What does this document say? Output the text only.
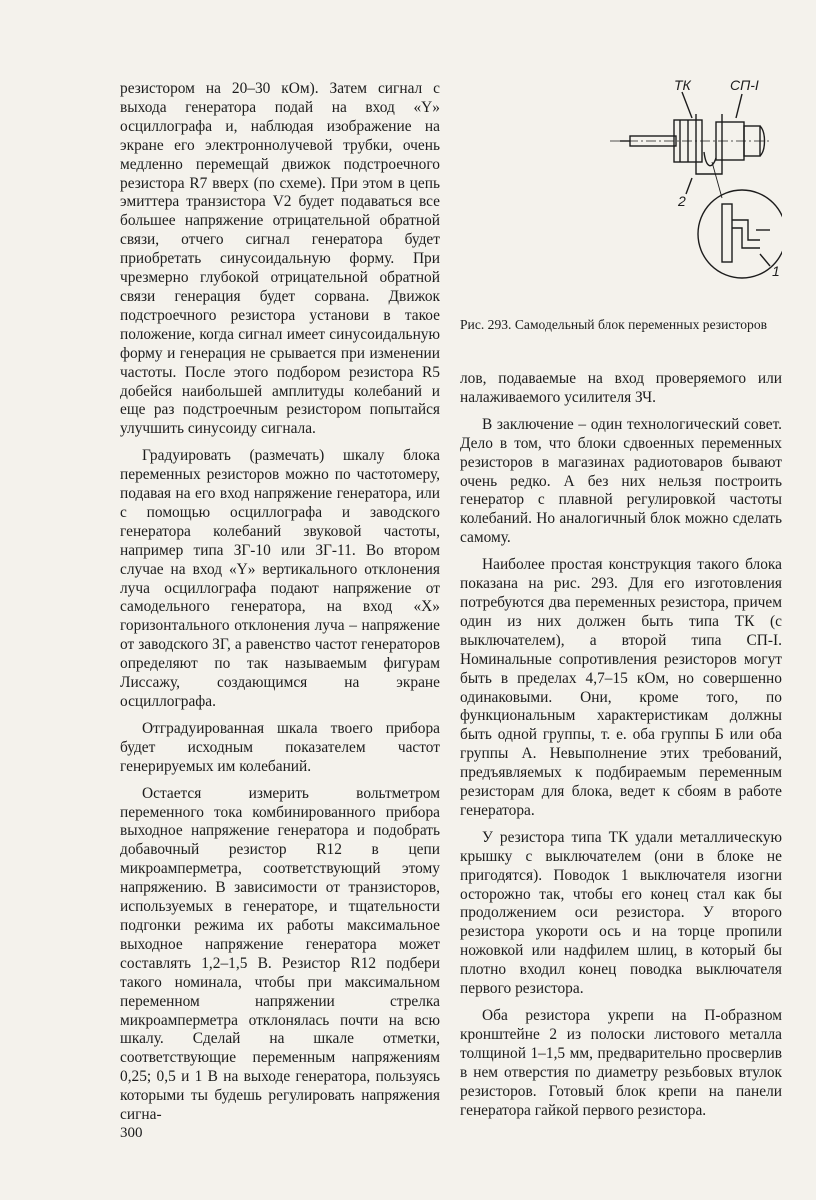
резистором на 20–30 кОм). Затем сигнал с выхода генератора подай на вход «Y» осциллографа и, наблюдая изображение на экране его электроннолучевой трубки, очень медленно перемещай движок подстроечного резистора R7 вверх (по схеме). При этом в цепь эмиттера транзистора V2 будет подаваться все большее напряжение отрицательной обратной связи, отчего сигнал генератора будет приобретать синусоидальную форму. При чрезмерно глубокой отрицательной обратной связи генерация будет сорвана. Движок подстроечного резистора установи в такое положение, когда сигнал имеет синусоидальную форму и генерация не срывается при изменении частоты. После этого подбором резистора R5 добейся наибольшей амплитуды колебаний и еще раз подстроечным резистором попытайся улучшить синусоиду сигнала.

Градуировать (размечать) шкалу блока переменных резисторов можно по частотомеру, подавая на его вход напряжение генератора, или с помощью осциллографа и заводского генератора колебаний звуковой частоты, например типа ЗГ-10 или ЗГ-11. Во втором случае на вход «Y» вертикального отклонения луча осциллографа подают напряжение от самодельного генератора, на вход «X» горизонтального отклонения луча – напряжение от заводского ЗГ, а равенство частот генераторов определяют по так называемым фигурам Лиссажу, создающимся на экране осциллографа.

Отградуированная шкала твоего прибора будет исходным показателем частот генерируемых им колебаний.

Остается измерить вольтметром переменного тока комбинированного прибора выходное напряжение генератора и подобрать добавочный резистор R12 в цепи микроамперметра, соответствующий этому напряжению. В зависимости от транзисторов, используемых в генераторе, и тщательности подгонки режима их работы максимальное выходное напряжение генератора может составлять 1,2–1,5 В. Резистор R12 подбери такого номинала, чтобы при максимальном переменном напряжении стрелка микроамперметра отклонялась почти на всю шкалу. Сделай на шкале отметки, соответствующие переменным напряжениям 0,25; 0,5 и 1 В на выходе генератора, пользуясь которыми ты будешь регулировать напряжения сигна-

ТК	СП-I
2
1
Рис. 293. Самодельный блок переменных резисторов

лов, подаваемые на вход проверяемого или налаживаемого усилителя ЗЧ.

В заключение – один технологический совет. Дело в том, что блоки сдвоенных переменных резисторов в магазинах радиотоваров бывают очень редко. А без них нельзя построить генератор с плавной регулировкой частоты колебаний. Но аналогичный блок можно сделать самому.

Наиболее простая конструкция такого блока показана на рис. 293. Для его изготовления потребуются два переменных резистора, причем один из них должен быть типа ТК (с выключателем), а второй типа СП-I. Номинальные сопротивления резисторов могут быть в пределах 4,7–15 кОм, но совершенно одинаковыми. Они, кроме того, по функциональным характеристикам должны быть одной группы, т. е. оба группы Б или оба группы А. Невыполнение этих требований, предъявляемых к подбираемым переменным резисторам для блока, ведет к сбоям в работе генератора.

У резистора типа ТК удали металлическую крышку с выключателем (они в блоке не пригодятся). Поводок 1 выключателя изогни осторожно так, чтобы его конец стал как бы продолжением оси резистора. У второго резистора укороти ось и на торце пропили ножовкой или надфилем шлиц, в который бы плотно входил конец поводка выключателя первого резистора.

Оба резистора укрепи на П-образном кронштейне 2 из полоски листового металла толщиной 1–1,5 мм, предварительно просверлив в нем отверстия по диаметру резьбовых втулок резисторов. Готовый блок крепи на панели генератора гайкой первого резистора.

300
